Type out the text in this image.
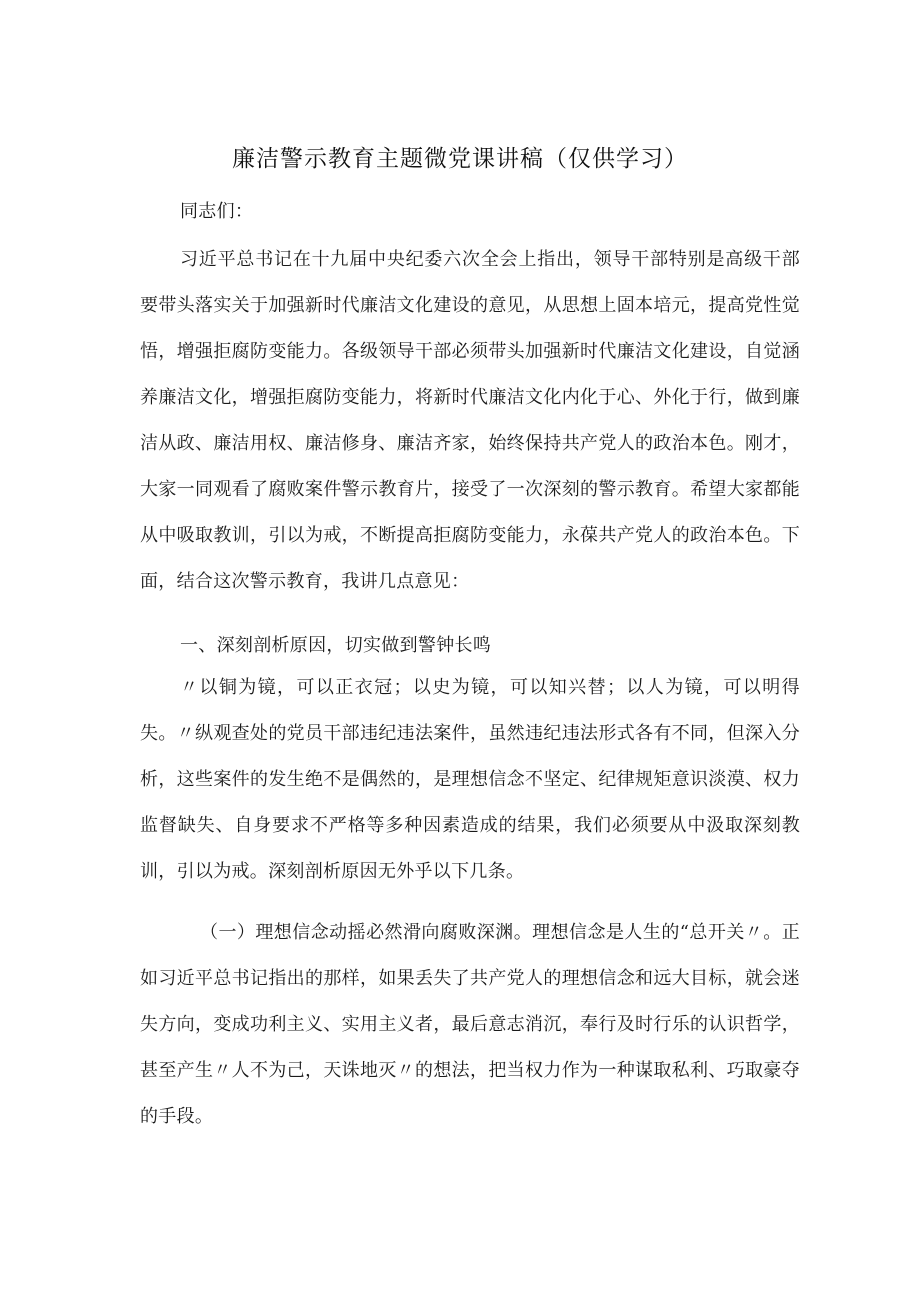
廉洁警示教育主题微党课讲稿（仅供学习）
同志们：
习近平总书记在十九届中央纪委六次全会上指出，领导干部特别是高级干部要带头落实关于加强新时代廉洁文化建设的意见，从思想上固本培元，提高党性觉悟，增强拒腐防变能力。各级领导干部必须带头加强新时代廉洁文化建设，自觉涵养廉洁文化，增强拒腐防变能力，将新时代廉洁文化内化于心、外化于行，做到廉洁从政、廉洁用权、廉洁修身、廉洁齐家，始终保持共产党人的政治本色。刚才，大家一同观看了腐败案件警示教育片，接受了一次深刻的警示教育。希望大家都能从中吸取教训，引以为戒，不断提高拒腐防变能力，永葆共产党人的政治本色。下面，结合这次警示教育，我讲几点意见：
一、深刻剖析原因，切实做到警钟长鸣
〃以铜为镜，可以正衣冠；以史为镜，可以知兴替；以人为镜，可以明得失。〃纵观查处的党员干部违纪违法案件，虽然违纪违法形式各有不同，但深入分析，这些案件的发生绝不是偶然的，是理想信念不坚定、纪律规矩意识淡漠、权力监督缺失、自身要求不严格等多种因素造成的结果，我们必须要从中汲取深刻教训，引以为戒。深刻剖析原因无外乎以下几条。
（一）理想信念动摇必然滑向腐败深渊。理想信念是人生的“总开关〃。正如习近平总书记指出的那样，如果丢失了共产党人的理想信念和远大目标，就会迷失方向，变成功利主义、实用主义者，最后意志消沉，奉行及时行乐的认识哲学，甚至产生〃人不为己，天诛地灭〃的想法，把当权力作为一种谋取私利、巧取豪夺的手段。
